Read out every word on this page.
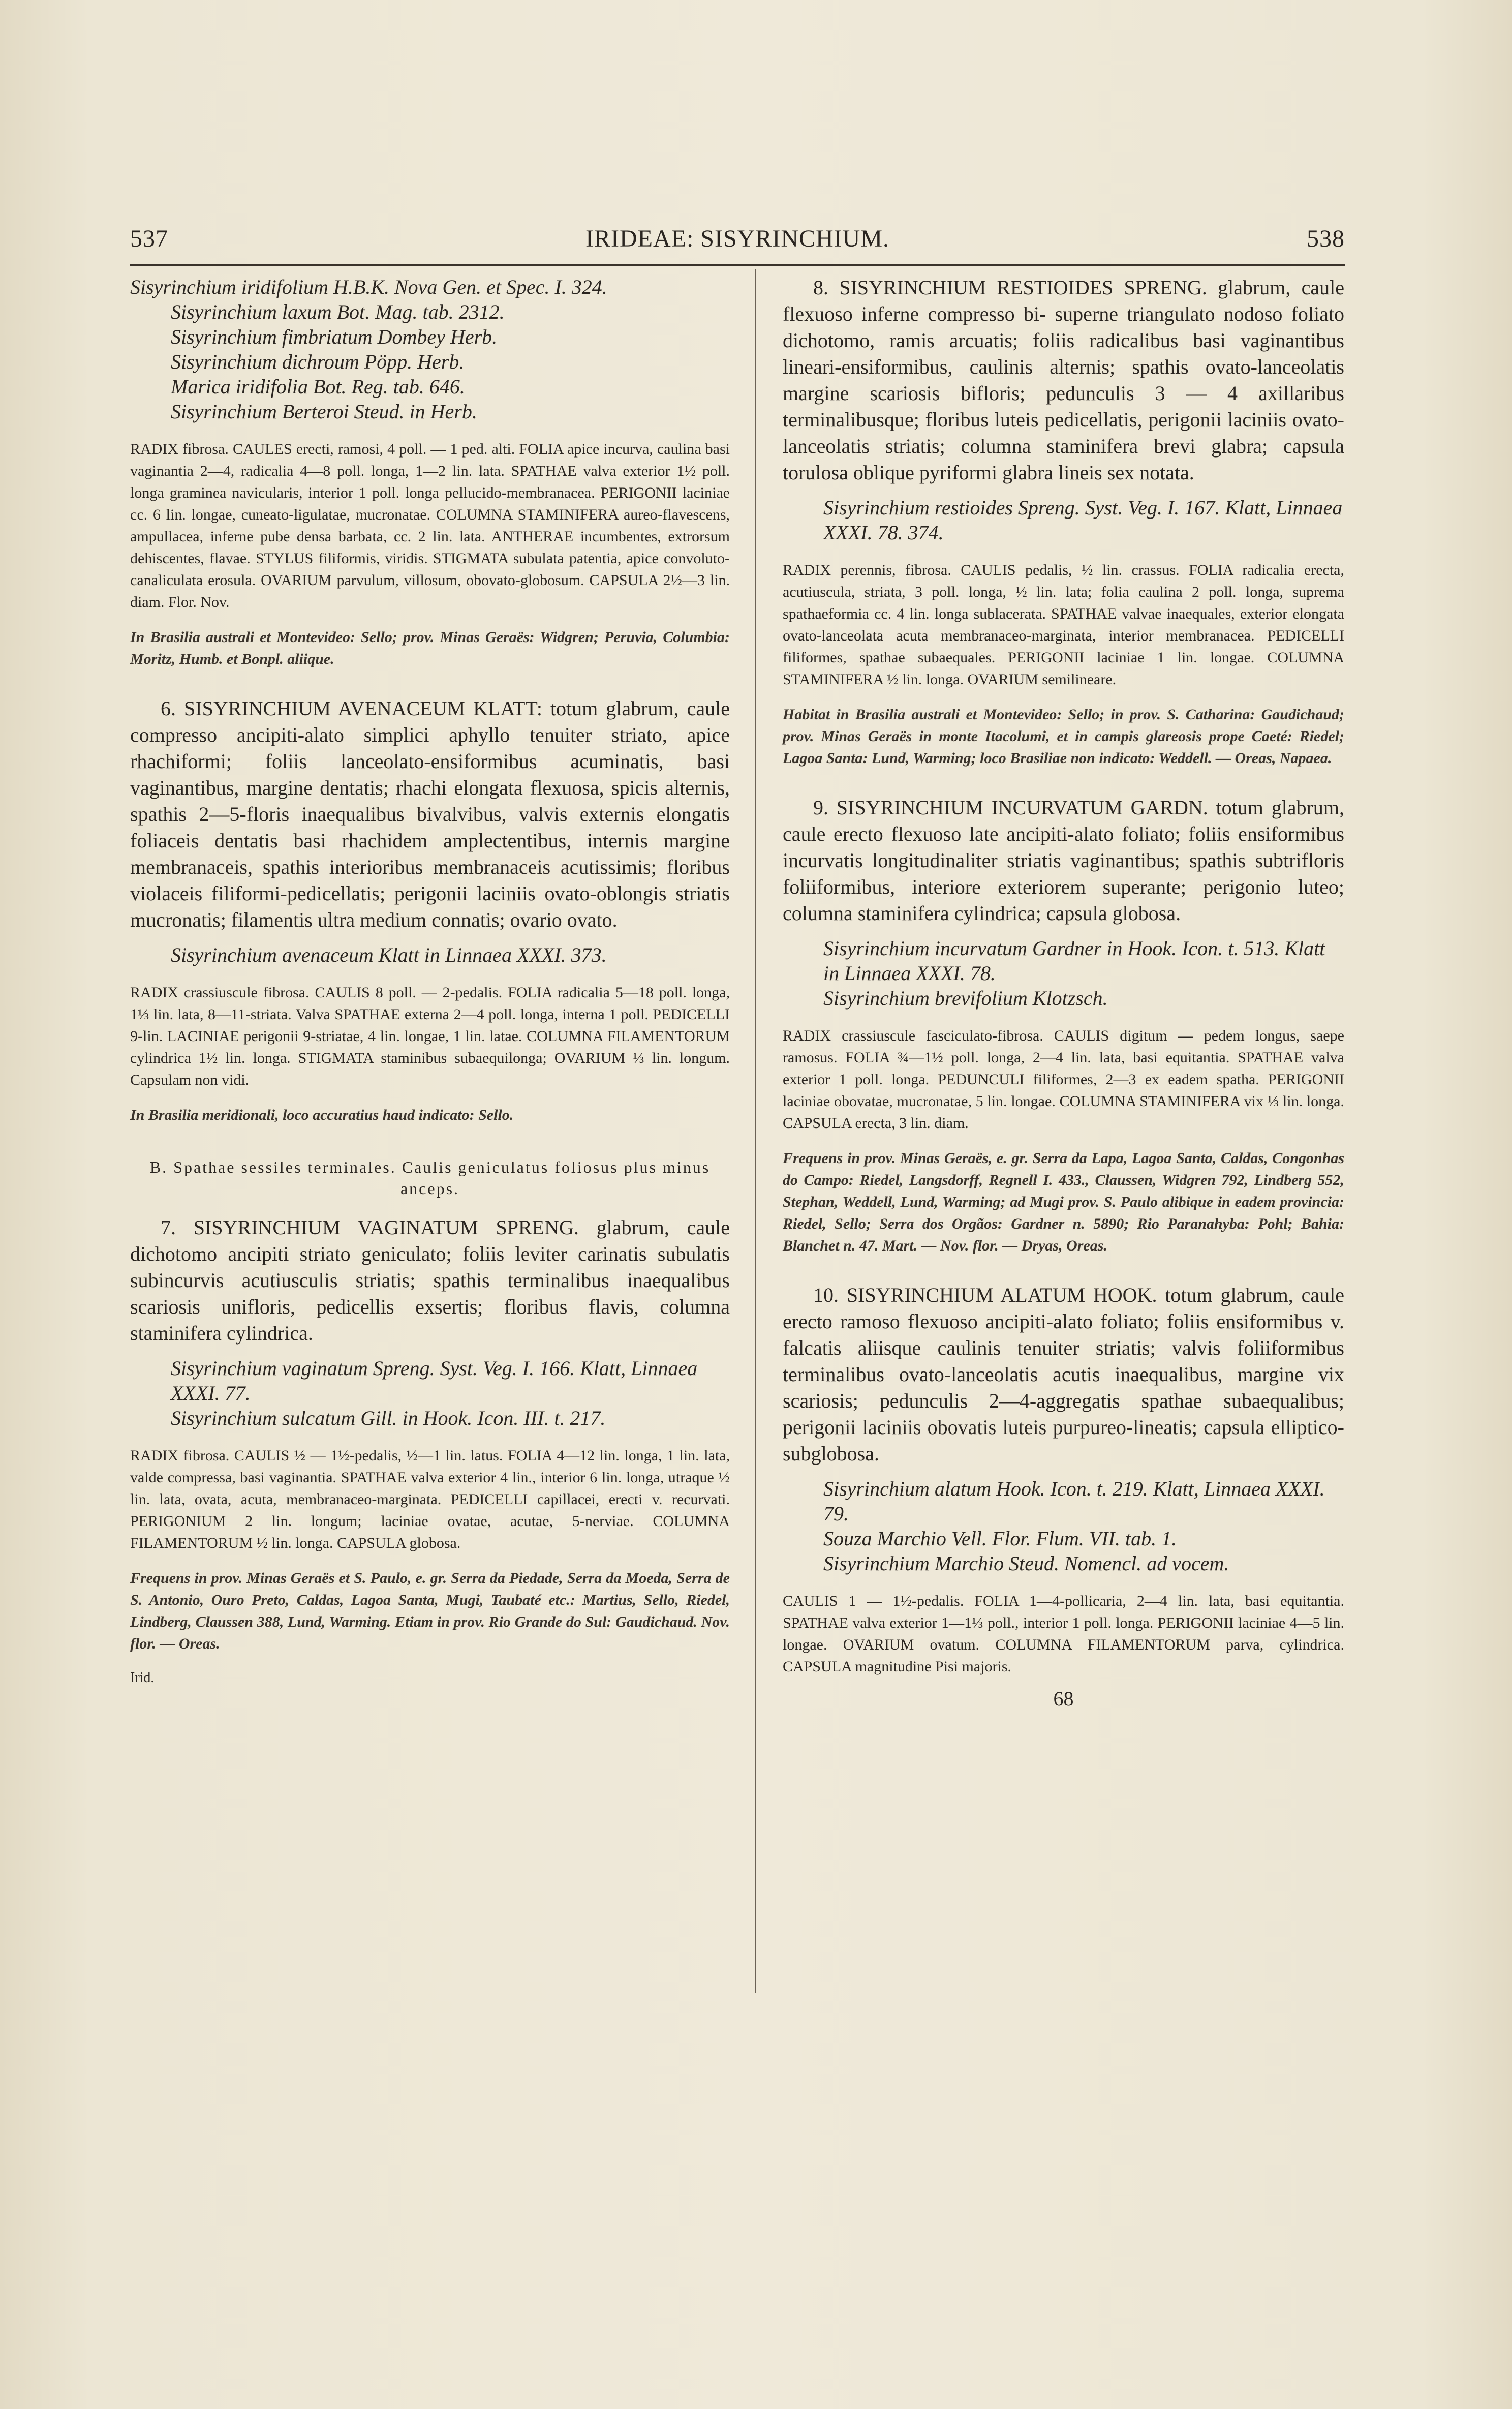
537	IRIDEAE: SISYRINCHIUM.	538
Sisyrinchium iridifolium H.B.K. Nova Gen. et Spec. I. 324.
Sisyrinchium laxum Bot. Mag. tab. 2312.
Sisyrinchium fimbriatum Dombey Herb.
Sisyrinchium dichroum Pöpp. Herb.
Marica iridifolia Bot. Reg. tab. 646.
Sisyrinchium Berteroi Steud. in Herb.
RADIX fibrosa. CAULES erecti, ramosi, 4 poll. — 1 ped. alti. FOLIA apice incurva, caulina basi vaginantia 2—4, radicalia 4—8 poll. longa, 1—2 lin. lata. SPATHAE valva exterior 1½ poll. longa graminea navicularis, interior 1 poll. longa pellucido-membranacea. PERIGONII laciniae cc. 6 lin. longae, cuneato-ligulatae, mucronatae. COLUMNA STAMINIFERA aureo-flavescens, ampullacea, inferne pube densa barbata, cc. 2 lin. lata. ANTHERAE incumbentes, extrorsum dehiscentes, flavae. STYLUS filiformis, viridis. STIGMATA subulata patentia, apice convoluto-canaliculata erosula. OVARIUM parvulum, villosum, obovato-globosum. CAPSULA 2½—3 lin. diam. Flor. Nov.
In Brasilia australi et Montevideo: Sello; prov. Minas Geraës: Widgren; Peruvia, Columbia: Moritz, Humb. et Bonpl. aliique.
6. SISYRINCHIUM AVENACEUM KLATT: totum glabrum, caule compresso ancipiti-alato simplici aphyllo tenuiter striato, apice rhachiformi; foliis lanceolato-ensiformibus acuminatis, basi vaginantibus, margine dentatis; rhachi elongata flexuosa, spicis alternis, spathis 2—5-floris inaequalibus bivalvibus, valvis externis elongatis foliaceis dentatis basi rhachidem amplectentibus, internis margine membranaceis, spathis interioribus membranaceis acutissimis; floribus violaceis filiformi-pedicellatis; perigonii laciniis ovato-oblongis striatis mucronatis; filamentis ultra medium connatis; ovario ovato.
Sisyrinchium avenaceum Klatt in Linnaea XXXI. 373.
RADIX crassiuscule fibrosa. CAULIS 8 poll. — 2-pedalis. FOLIA radicalia 5—18 poll. longa, 1⅓ lin. lata, 8—11-striata. Valva SPATHAE externa 2—4 poll. longa, interna 1 poll. PEDICELLI 9-lin. LACINIAE perigonii 9-striatae, 4 lin. longae, 1 lin. latae. COLUMNA FILAMENTORUM cylindrica 1½ lin. longa. STIGMATA staminibus subaequilonga; OVARIUM ⅓ lin. longum. Capsulam non vidi.
In Brasilia meridionali, loco accuratius haud indicato: Sello.
B. Spathae sessiles terminales. Caulis geniculatus foliosus plus minus anceps.
7. SISYRINCHIUM VAGINATUM SPRENG. glabrum, caule dichotomo ancipiti striato geniculato; foliis leviter carinatis subulatis subincurvis acutiusculis striatis; spathis terminalibus inaequalibus scariosis unifloris, pedicellis exsertis; floribus flavis, columna staminifera cylindrica.
Sisyrinchium vaginatum Spreng. Syst. Veg. I. 166. Klatt, Linnaea XXXI. 77.
Sisyrinchium sulcatum Gill. in Hook. Icon. III. t. 217.
RADIX fibrosa. CAULIS ½ — 1½-pedalis, ½—1 lin. latus. FOLIA 4—12 lin. longa, 1 lin. lata, valde compressa, basi vaginantia. SPATHAE valva exterior 4 lin., interior 6 lin. longa, utraque ½ lin. lata, ovata, acuta, membranaceo-marginata. PEDICELLI capillacei, erecti v. recurvati. PERIGONIUM 2 lin. longum; laciniae ovatae, acutae, 5-nerviae. COLUMNA FILAMENTORUM ½ lin. longa. CAPSULA globosa.
Frequens in prov. Minas Geraës et S. Paulo, e. gr. Serra da Piedade, Serra da Moeda, Serra de S. Antonio, Ouro Preto, Caldas, Lagoa Santa, Mugi, Taubaté etc.: Martius, Sello, Riedel, Lindberg, Claussen 388, Lund, Warming. Etiam in prov. Rio Grande do Sul: Gaudichaud. Nov. flor. — Oreas.
Irid.
8. SISYRINCHIUM RESTIOIDES SPRENG. glabrum, caule flexuoso inferne compresso bi- superne triangulato nodoso foliato dichotomo, ramis arcuatis; foliis radicalibus basi vaginantibus lineari-ensiformibus, caulinis alternis; spathis ovato-lanceolatis margine scariosis bifloris; pedunculis 3 — 4 axillaribus terminalibusque; floribus luteis pedicellatis, perigonii laciniis ovato-lanceolatis striatis; columna staminifera brevi glabra; capsula torulosa oblique pyriformi glabra lineis sex notata.
Sisyrinchium restioides Spreng. Syst. Veg. I. 167. Klatt, Linnaea XXXI. 78. 374.
RADIX perennis, fibrosa. CAULIS pedalis, ½ lin. crassus. FOLIA radicalia erecta, acutiuscula, striata, 3 poll. longa, ½ lin. lata; folia caulina 2 poll. longa, suprema spathaeformia cc. 4 lin. longa sublacerata. SPATHAE valvae inaequales, exterior elongata ovato-lanceolata acuta membranaceo-marginata, interior membranacea. PEDICELLI filiformes, spathae subaequales. PERIGONII laciniae 1 lin. longae. COLUMNA STAMINIFERA ½ lin. longa. OVARIUM semilineare.
Habitat in Brasilia australi et Montevideo: Sello; in prov. S. Catharina: Gaudichaud; prov. Minas Geraës in monte Itacolumi, et in campis glareosis prope Caeté: Riedel; Lagoa Santa: Lund, Warming; loco Brasiliae non indicato: Weddell. — Oreas, Napaea.
9. SISYRINCHIUM INCURVATUM GARDN. totum glabrum, caule erecto flexuoso late ancipiti-alato foliato; foliis ensiformibus incurvatis longitudinaliter striatis vaginantibus; spathis subtrifloris foliiformibus, interiore exteriorem superante; perigonio luteo; columna staminifera cylindrica; capsula globosa.
Sisyrinchium incurvatum Gardner in Hook. Icon. t. 513. Klatt in Linnaea XXXI. 78.
Sisyrinchium brevifolium Klotzsch.
RADIX crassiuscule fasciculato-fibrosa. CAULIS digitum — pedem longus, saepe ramosus. FOLIA ¾—1½ poll. longa, 2—4 lin. lata, basi equitantia. SPATHAE valva exterior 1 poll. longa. PEDUNCULI filiformes, 2—3 ex eadem spatha. PERIGONII laciniae obovatae, mucronatae, 5 lin. longae. COLUMNA STAMINIFERA vix ⅓ lin. longa. CAPSULA erecta, 3 lin. diam.
Frequens in prov. Minas Geraës, e. gr. Serra da Lapa, Lagoa Santa, Caldas, Congonhas do Campo: Riedel, Langsdorff, Regnell I. 433., Claussen, Widgren 792, Lindberg 552, Stephan, Weddell, Lund, Warming; ad Mugi prov. S. Paulo alibique in eadem provincia: Riedel, Sello; Serra dos Orgãos: Gardner n. 5890; Rio Paranahyba: Pohl; Bahia: Blanchet n. 47. Mart. — Nov. flor. — Dryas, Oreas.
10. SISYRINCHIUM ALATUM HOOK. totum glabrum, caule erecto ramoso flexuoso ancipiti-alato foliato; foliis ensiformibus v. falcatis aliisque caulinis tenuiter striatis; valvis foliiformibus terminalibus ovato-lanceolatis acutis inaequalibus, margine vix scariosis; pedunculis 2—4-aggregatis spathae subaequalibus; perigonii laciniis obovatis luteis purpureo-lineatis; capsula elliptico-subglobosa.
Sisyrinchium alatum Hook. Icon. t. 219. Klatt, Linnaea XXXI. 79.
Souza Marchio Vell. Flor. Flum. VII. tab. 1.
Sisyrinchium Marchio Steud. Nomencl. ad vocem.
CAULIS 1 — 1½-pedalis. FOLIA 1—4-pollicaria, 2—4 lin. lata, basi equitantia. SPATHAE valva exterior 1—1⅓ poll., interior 1 poll. longa. PERIGONII laciniae 4—5 lin. longae. OVARIUM ovatum. COLUMNA FILAMENTORUM parva, cylindrica. CAPSULA magnitudine Pisi majoris.
68
